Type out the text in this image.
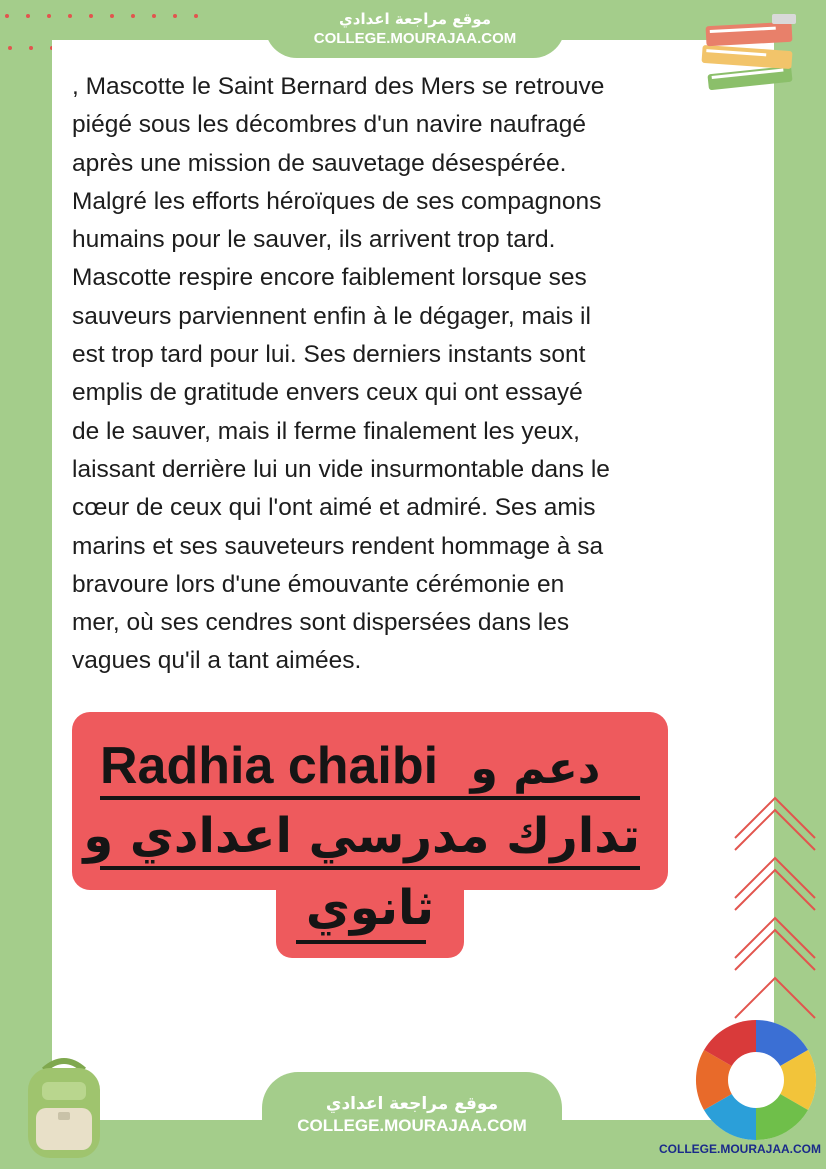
موقع مراجعة اعدادي
COLLEGE.MOURAJAA.COM
, Mascotte le Saint Bernard des Mers se retrouve
piégé sous les décombres d'un navire naufragé
après une mission de sauvetage désespérée.
Malgré les efforts héroïques de ses compagnons
humains pour le sauver, ils arrivent trop tard.
Mascotte respire encore faiblement lorsque ses
sauveurs parviennent enfin à le dégager, mais il
est trop tard pour lui. Ses derniers instants sont
emplis de gratitude envers ceux qui ont essayé
de le sauver, mais il ferme finalement les yeux,
laissant derrière lui un vide insurmontable dans le
cœur de ceux qui l'ont aimé et admiré. Ses amis
marins et ses sauveteurs rendent hommage à sa
bravoure lors d'une émouvante cérémonie en
mer, où ses cendres sont dispersées dans les
vagues qu'il a tant aimées.
Radhia chaibi دعم و
تدارك مدرسي اعدادي و
ثانوي
موقع مراجعة اعدادي
COLLEGE.MOURAJAA.COM
COLLEGE.MOURAJAA.COM
